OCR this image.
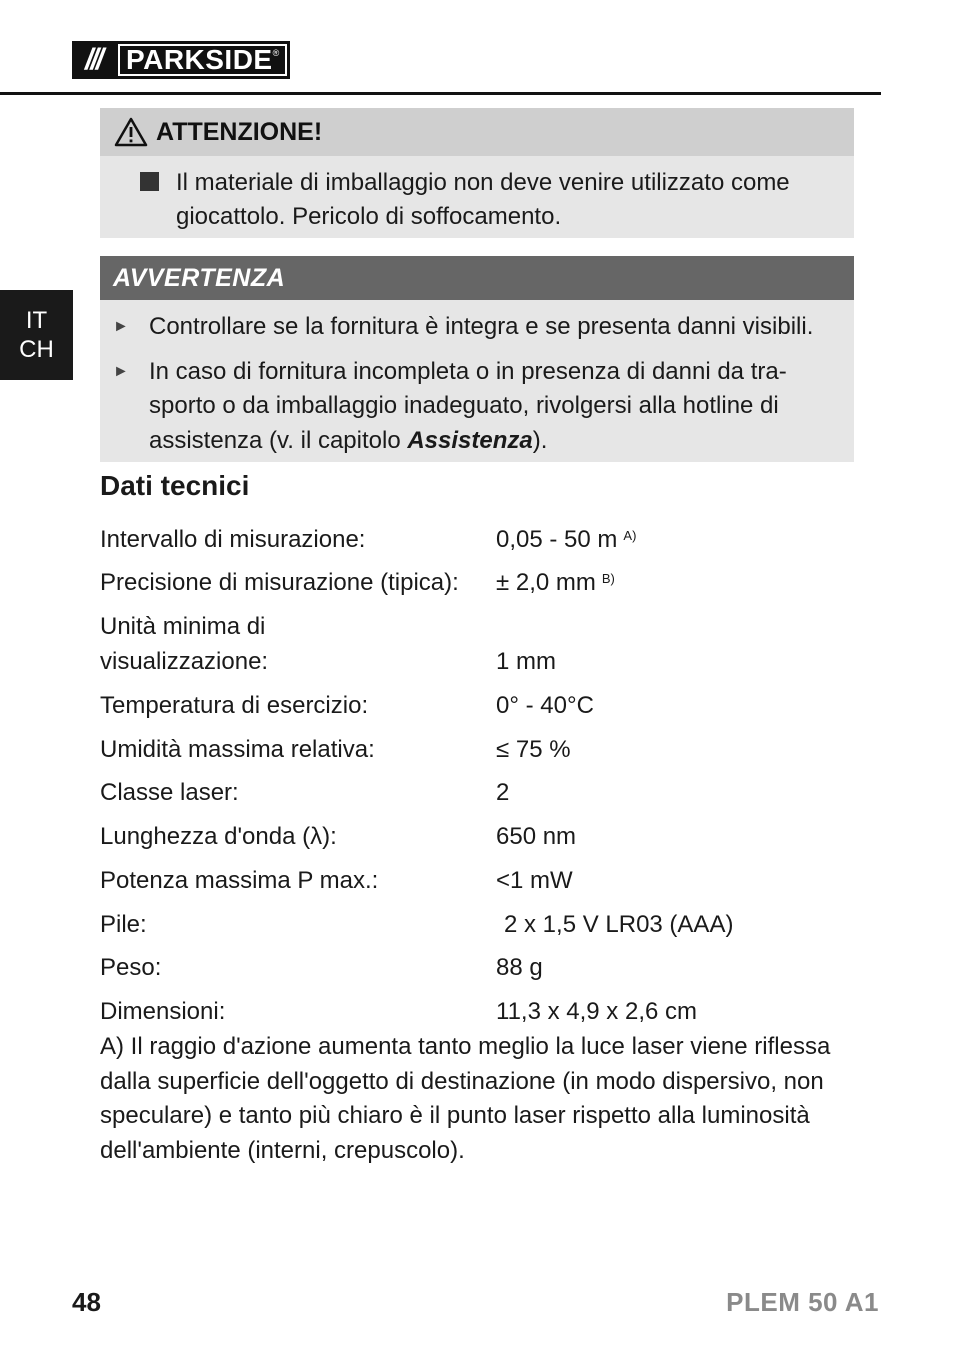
/// PARKSIDE ®
IT
CH
ATTENZIONE!
Il materiale di imballaggio non deve venire utilizzato come giocattolo. Pericolo di soffocamento.
AVVERTENZA
► Controllare se la fornitura è integra e se presenta danni visibili.
► In caso di fornitura incompleta o in presenza di danni da tra-sporto o da imballaggio inadeguato, rivolgersi alla hotline di assistenza (v. il capitolo Assistenza).
Dati tecnici
Intervallo di misurazione:	0,05 - 50 m $^{A)}$
Precisione di misurazione (tipica):	± 2,0 mm $^{B)}$
Unità minima di visualizzazione:	1 mm
Temperatura di esercizio:	0° - 40°C
Umidità massima relativa:	≤ 75 %
Classe laser:	2
Lunghezza d'onda (λ):	650 nm
Potenza massima P max.:	<1 mW
Pile:	2 x 1,5 V LR03 (AAA)
Peso:	88 g
Dimensioni:	11,3 x 4,9 x 2,6 cm

A) Il raggio d'azione aumenta tanto meglio la luce laser viene riflessa dalla superficie dell'oggetto di destinazione (in modo dispersivo, non speculare) e tanto più chiaro è il punto laser rispetto alla luminosità dell'ambiente (interni, crepuscolo).

48	PLEM 50 A1
